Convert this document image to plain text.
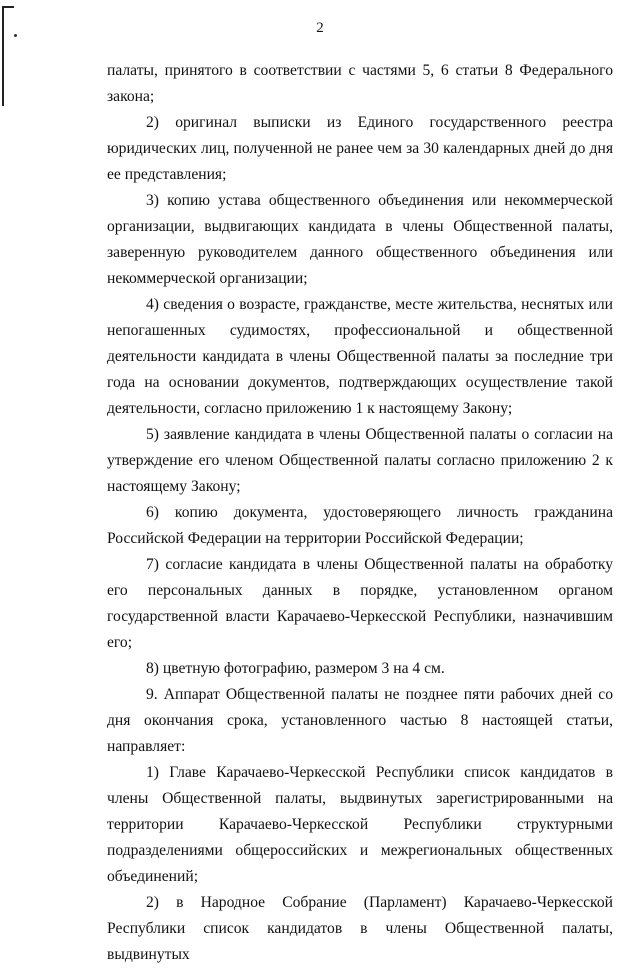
2

палаты, принятого в соответствии с частями 5, 6 статьи 8 Федерального закона;

2) оригинал выписки из Единого государственного реестра юридических лиц, полученной не ранее чем за 30 календарных дней до дня ее представления;

3) копию устава общественного объединения или некоммерческой организации, выдвигающих кандидата в члены Общественной палаты, заверенную руководителем данного общественного объединения или некоммерческой организации;

4) сведения о возрасте, гражданстве, месте жительства, неснятых или непогашенных судимостях, профессиональной и общественной деятельности кандидата в члены Общественной палаты за последние три года на основании документов, подтверждающих осуществление такой деятельности, согласно приложению 1 к настоящему Закону;

5) заявление кандидата в члены Общественной палаты о согласии на утверждение его членом Общественной палаты согласно приложению 2 к настоящему Закону;

6) копию документа, удостоверяющего личность гражданина Российской Федерации на территории Российской Федерации;

7) согласие кандидата в члены Общественной палаты на обработку его персональных данных в порядке, установленном органом государственной власти Карачаево-Черкесской Республики, назначившим его;

8) цветную фотографию, размером 3 на 4 см.

9. Аппарат Общественной палаты не позднее пяти рабочих дней со дня окончания срока, установленного частью 8 настоящей статьи, направляет:

1) Главе Карачаево-Черкесской Республики список кандидатов в члены Общественной палаты, выдвинутых зарегистрированными на территории Карачаево-Черкесской Республики структурными подразделениями общероссийских и межрегиональных общественных объединений;

2) в Народное Собрание (Парламент) Карачаево-Черкесской Республики список кандидатов в члены Общественной палаты, выдвинутых
